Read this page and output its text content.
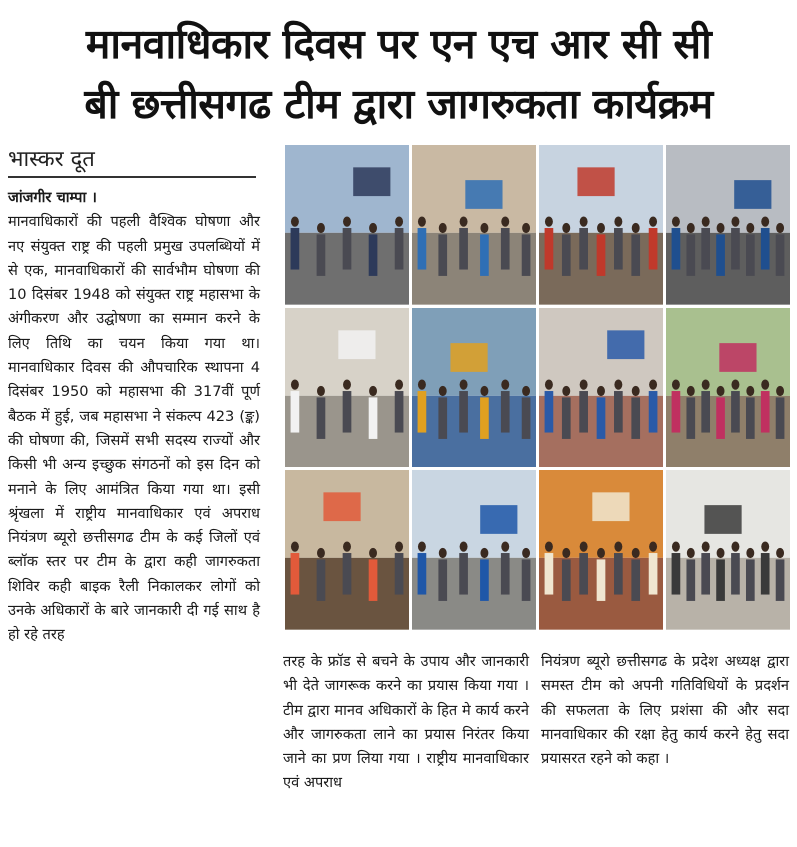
मानवाधिकार दिवस पर एन एच आर सी सी
बी छत्तीसगढ टीम द्वारा जागरुकता कार्यक्रम
भास्कर दूत
जांजगीर चाम्पा ।
मानवाधिकारों की पहली वैश्विक घोषणा और नए संयुक्त राष्ट्र की पहली प्रमुख उपलब्धियों में से एक, मानवाधिकारों की सार्वभौम घोषणा की 10 दिसंबर 1948 को संयुक्त राष्ट्र महासभा के अंगीकरण और उद्घोषणा का सम्मान करने के लिए तिथि का चयन किया गया था। मानवाधिकार दिवस की औपचारिक स्थापना 4 दिसंबर 1950 को महासभा की 317वीं पूर्ण बैठक में हुई, जब महासभा ने संकल्प 423 (ङ्क) की घोषणा की, जिसमें सभी सदस्य राज्यों और किसी भी अन्य इच्छुक संगठनों को इस दिन को मनाने के लिए आमंत्रित किया गया था। इसी श्रृंखला में राष्ट्रीय मानवाधिकार एवं अपराध नियंत्रण ब्यूरो छत्तीसगढ टीम के कई जिलों एवं ब्लॉक स्तर पर टीम के द्वारा कही जागरुकता शिविर कही बाइक रैली निकालकर लोगों को उनके अधिकारों के बारे जानकारी दी गई साथ है हो रहे तरह
तरह के फ्रॉड से बचने के उपाय और जानकारी भी देते जागरूक करने का प्रयास किया गया । टीम द्वारा मानव अधिकारों के हित मे कार्य करने और जागरुकता लाने का प्रयास निरंतर किया जाने का प्रण लिया गया । राष्ट्रीय मानवाधिकार एवं अपराध
नियंत्रण ब्यूरो छत्तीसगढ के प्रदेश अध्यक्ष द्वारा समस्त टीम को अपनी गतिविधियों के प्रदर्शन की सफलता के लिए प्रशंसा की और सदा मानवाधिकार की रक्षा हेतु कार्य करने हेतु सदा प्रयासरत रहने को कहा ।
